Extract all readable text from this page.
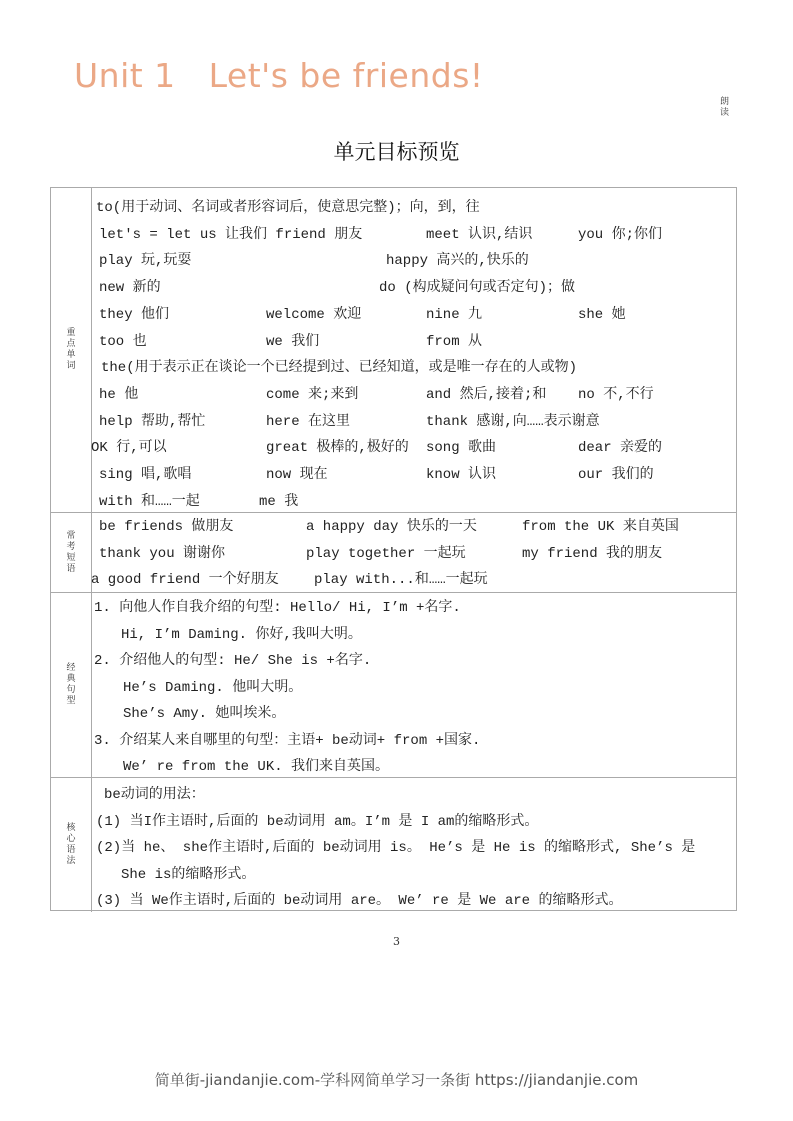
Unit 1   Let's be friends!
朗读
单元目标预览
重点单词
to(用于动词、名词或者形容词后，使意思完整)；向，到，往
let's = let us 让我们 friend 朋友	meet 认识,结识	you 你;你们
play 玩,玩耍	happy 高兴的,快乐的
new 新的	do (构成疑问句或否定句)；做
they 他们	welcome 欢迎	nine 九	she 她
too 也	we 我们	from 从
the(用于表示正在谈论一个已经提到过、已经知道，或是唯一存在的人或物)
he 他	come 来;来到	and 然后,接着;和 no 不,不行
help 帮助,帮忙	here 在这里	thank 感谢,向……表示谢意
OK 行,可以	great 极棒的,极好的 song 歌曲	dear 亲爱的
sing 唱,歌唱	now 现在	know 认识	our 我们的
with 和……一起	me 我
常考短语
be friends 做朋友	a happy day 快乐的一天	from the UK 来自英国
thank you 谢谢你	play together 一起玩	my friend 我的朋友
a good friend 一个好朋友	play with...和……一起玩
经典句型
1. 向他人作自我介绍的句型: Hello/ Hi, I’m +名字.
Hi, I’m Daming. 你好,我叫大明。
2. 介绍他人的句型: He/ She is +名字.
He’s Daming. 他叫大明。
She’s Amy. 她叫埃米。
3. 介绍某人来自哪里的句型：主语+ be动词+ from +国家.
We’ re from the UK. 我们来自英国。
核心语法
be动词的用法：
(1) 当I作主语时,后面的 be动词用 am。I’m 是 I am的缩略形式。
(2)当 he、 she作主语时,后面的 be动词用 is。 He’s 是 He is 的缩略形式, She’s 是
She is的缩略形式。
(3) 当 We作主语时,后面的 be动词用 are。 We’ re 是 We are 的缩略形式。
3
简单街-jiandanjie.com-学科网简单学习一条街 https://jiandanjie.com
